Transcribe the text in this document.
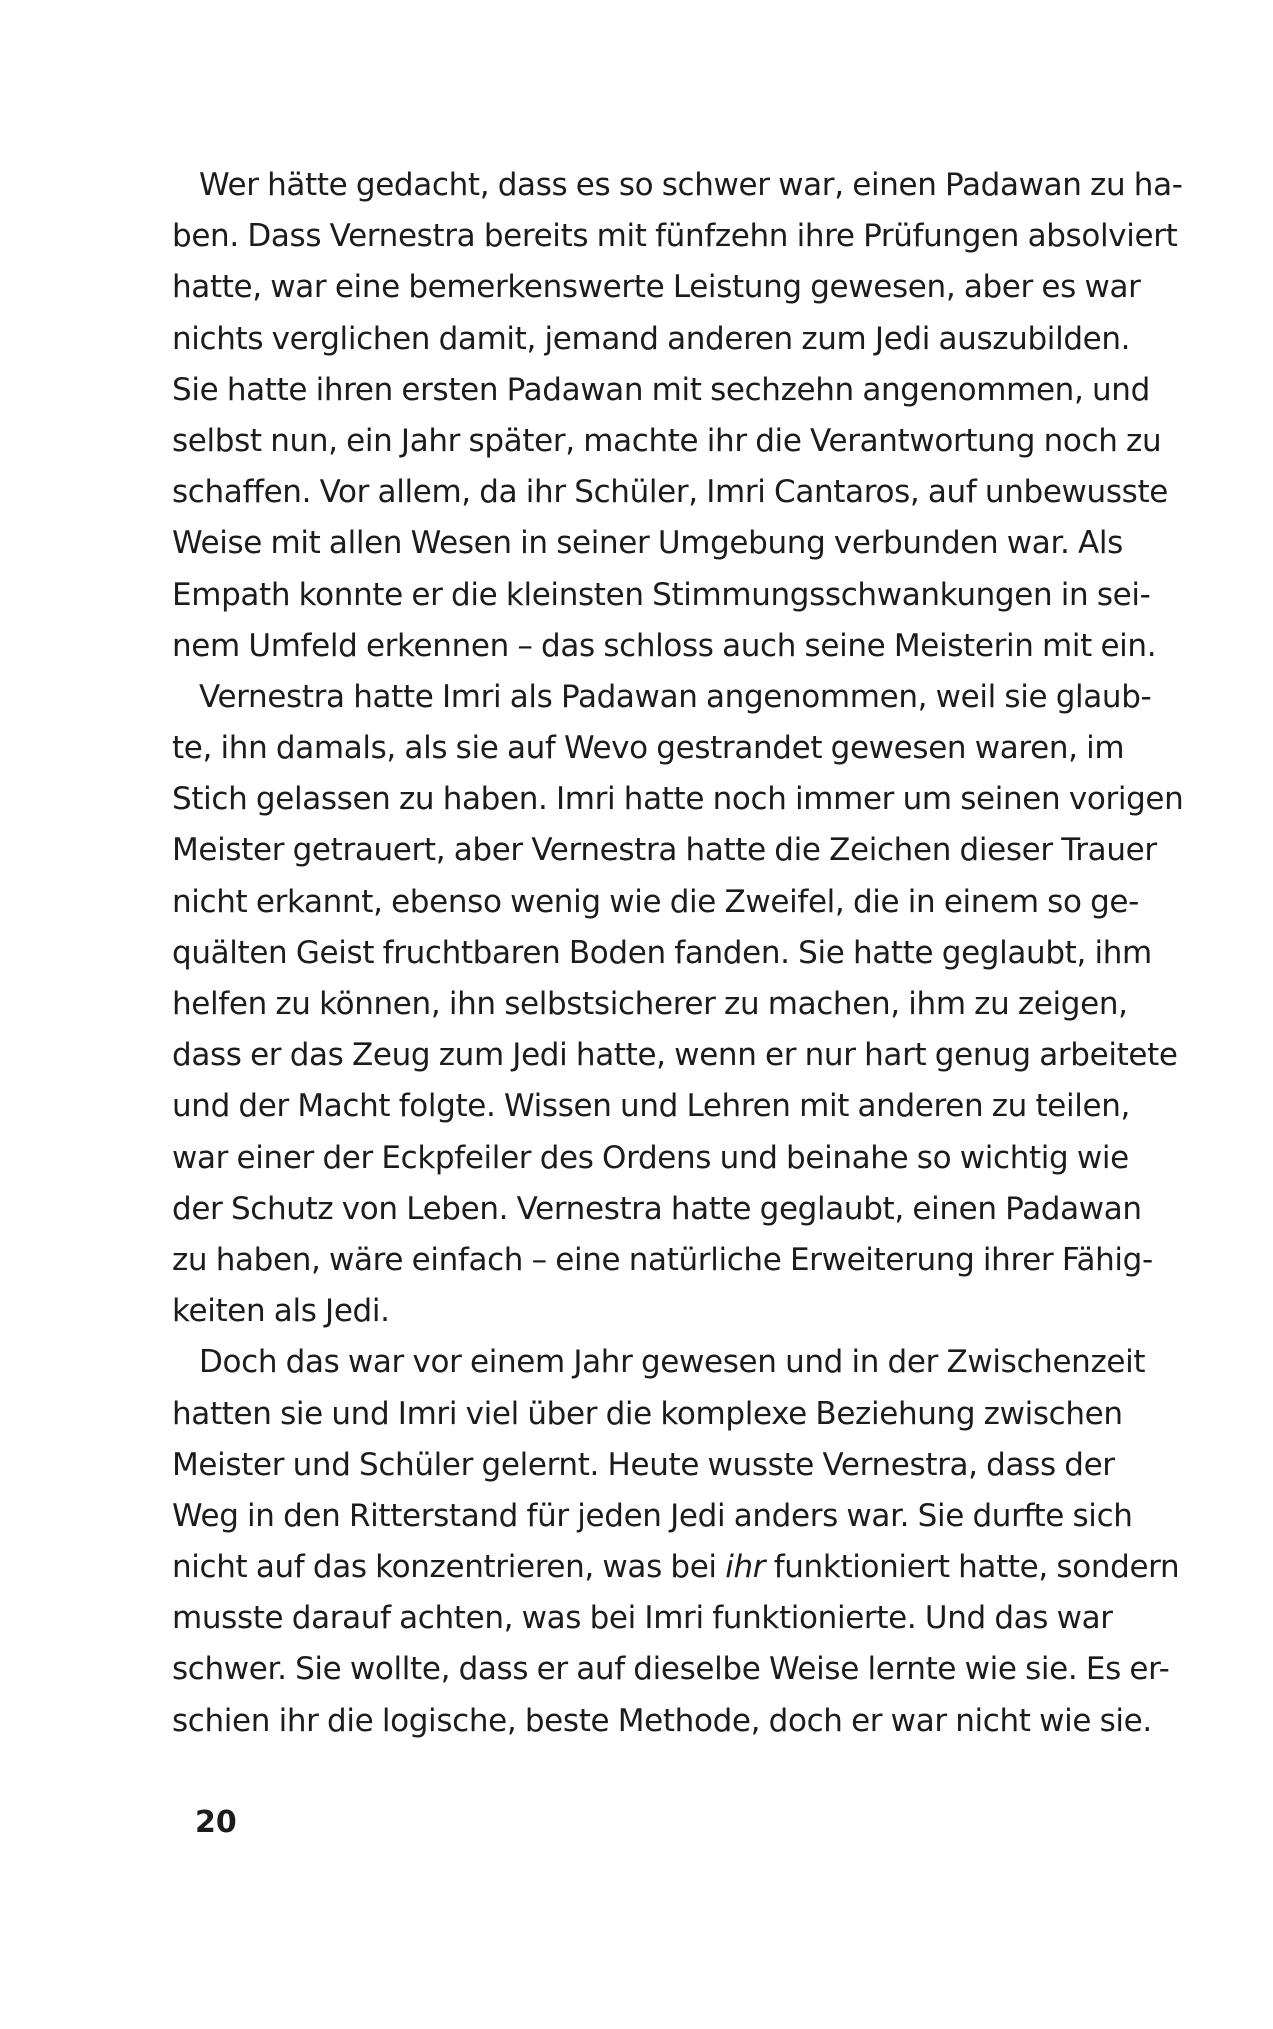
Wer hätte gedacht, dass es so schwer war, einen Padawan zu ha-
ben. Dass Vernestra bereits mit fünfzehn ihre Prüfungen absolviert
hatte, war eine bemerkenswerte Leistung gewesen, aber es war
nichts verglichen damit, jemand anderen zum Jedi auszubilden.
Sie hatte ihren ersten Padawan mit sechzehn angenommen, und
selbst nun, ein Jahr später, machte ihr die Verantwortung noch zu
schaffen. Vor allem, da ihr Schüler, Imri Cantaros, auf unbewusste
Weise mit allen Wesen in seiner Umgebung verbunden war. Als
Empath konnte er die kleinsten Stimmungsschwankungen in sei-
nem Umfeld erkennen – das schloss auch seine Meisterin mit ein.
Vernestra hatte Imri als Padawan angenommen, weil sie glaub-
te, ihn damals, als sie auf Wevo gestrandet gewesen waren, im
Stich gelassen zu haben. Imri hatte noch immer um seinen vorigen
Meister getrauert, aber Vernestra hatte die Zeichen dieser Trauer
nicht erkannt, ebenso wenig wie die Zweifel, die in einem so ge-
quälten Geist fruchtbaren Boden fanden. Sie hatte geglaubt, ihm
helfen zu können, ihn selbstsicherer zu machen, ihm zu zeigen,
dass er das Zeug zum Jedi hatte, wenn er nur hart genug arbeitete
und der Macht folgte. Wissen und Lehren mit anderen zu teilen,
war einer der Eckpfeiler des Ordens und beinahe so wichtig wie
der Schutz von Leben. Vernestra hatte geglaubt, einen Padawan
zu haben, wäre einfach – eine natürliche Erweiterung ihrer Fähig-
keiten als Jedi.
Doch das war vor einem Jahr gewesen und in der Zwischenzeit
hatten sie und Imri viel über die komplexe Beziehung zwischen
Meister und Schüler gelernt. Heute wusste Vernestra, dass der
Weg in den Ritterstand für jeden Jedi anders war. Sie durfte sich
nicht auf das konzentrieren, was bei ihr funktioniert hatte, sondern
musste darauf achten, was bei Imri funktionierte. Und das war
schwer. Sie wollte, dass er auf dieselbe Weise lernte wie sie. Es er-
schien ihr die logische, beste Methode, doch er war nicht wie sie.
20
